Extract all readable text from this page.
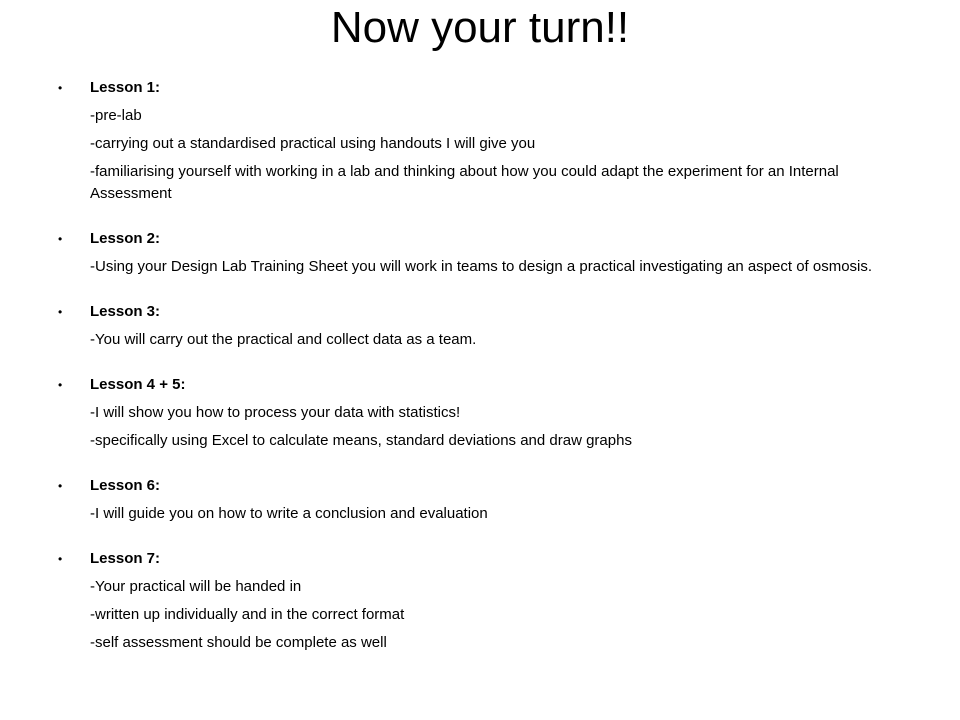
Now your turn!!
•	Lesson 1:
-pre-lab
-carrying out a standardised practical using handouts I will give you
-familiarising yourself with working in a lab and thinking about how you could adapt the experiment for an Internal Assessment
•	Lesson 2:
-Using your Design Lab Training Sheet you will work in teams to design a practical investigating an aspect of osmosis.
•	Lesson 3:
-You will carry out the practical and collect data as a team.
•	Lesson 4 + 5:
-I will show you how to process your data with statistics!
-specifically using Excel to calculate means, standard deviations and draw graphs
•	Lesson 6:
-I will guide you on how to write a conclusion and evaluation
•	Lesson 7:
-Your practical will be handed in
-written up individually and in the correct format
-self assessment should be complete as well
